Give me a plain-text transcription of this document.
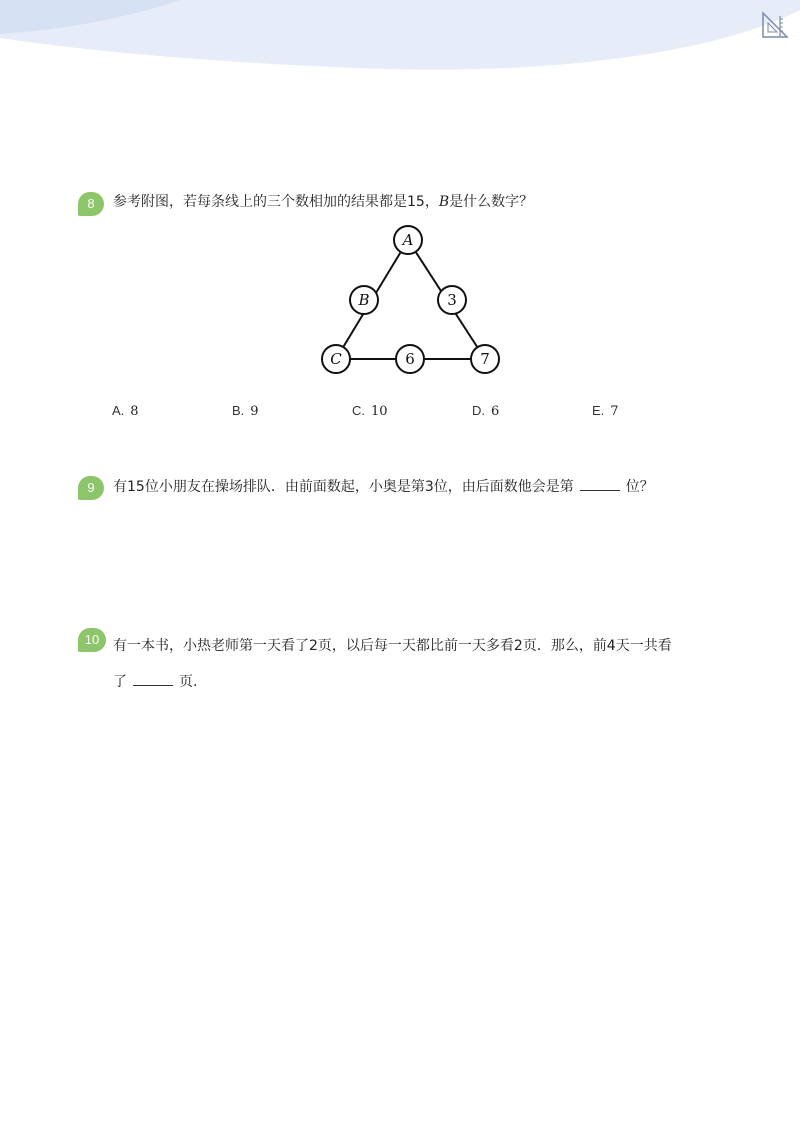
8	参考附图，若每条线上的三个数相加的结果都是15，B是什么数字？
A
B	3
C	6	7
A. 8	B. 9	C. 10	D. 6	E. 7
9	有15位小朋友在操场排队．由前面数起，小奥是第3位，由后面数他会是第	位？
10 有一本书，小热老师第一天看了2页，以后每一天都比前一天多看2页．那么，前4天一共看
了	页.
